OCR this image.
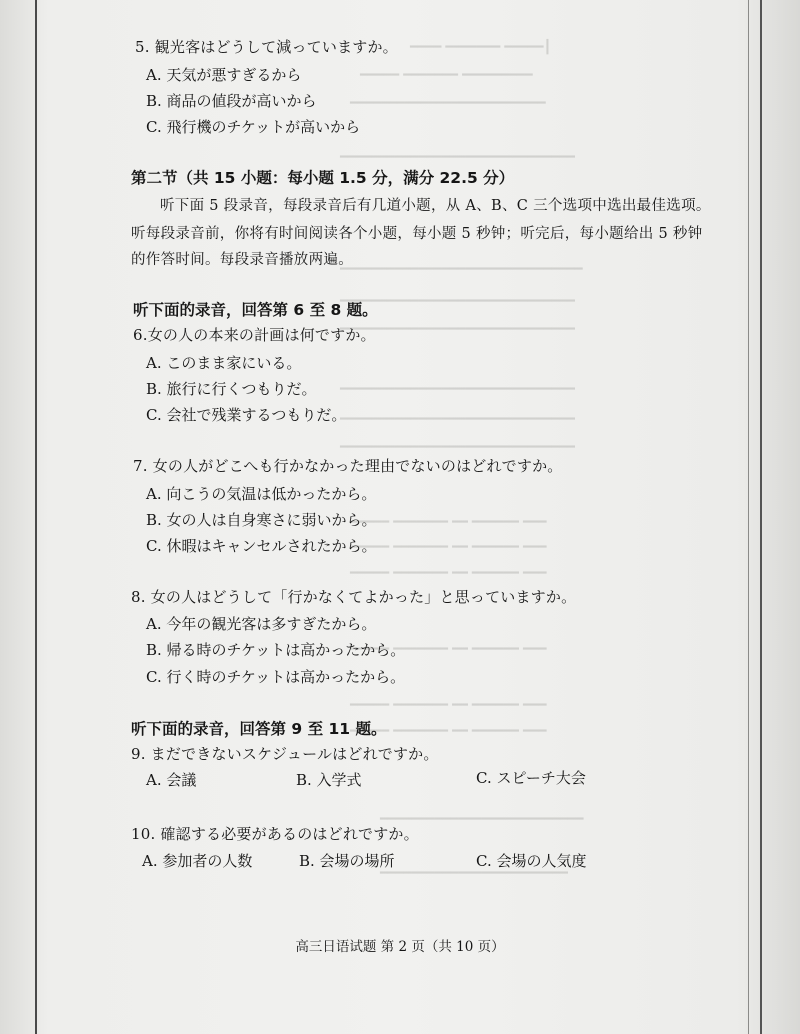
┃━━━━━ ━━━━━━━ ━━━━
━━━━━━━━━ ━━━━━━━ ━━━━━
━━━━━━━━━━━━━━━━━━━━━━━━━
━━━━━━━━━━━━━━━━━━━━━━━━━━━━━━
━━━━━━━━━━━━━━━━━━━━━━━━━━━━━━━
━━━━━━━━━━━━━━━━━━━━━━━━━━━━━━
━━━━━━━━━━━━━━━━━━━━━━━━━━━━━━
━━━━━━━━━━━━━━━━━━━━━━━━━━━━━━
━━━━━━━━━━━━━━━━━━━━━━━━━━━━━━
━━━━━━━━━━━━━━━━━━━━━━━━━━━━━━
━━━ ━━━━━━ ━━ ━━━━━━━ ━━━━━
━━━ ━━━━━━ ━━ ━━━━━━━ ━━━━━
━━━ ━━━━━━ ━━ ━━━━━━━ ━━━━━
━━━ ━━━━━━ ━━ ━━━━━━━ ━━━━━
━━━ ━━━━━━ ━━ ━━━━━━━ ━━━━━
━━━ ━━━━━━ ━━ ━━━━━━━ ━━━━━
━━━━━━━━━━━━━━━━━━━━━━━━━━
━━━━━━━━━━━━━━━━━━━━━━━━
5. 観光客はどうして減っていますか。
A. 天気が悪すぎるから
B. 商品の値段が高いから
C. 飛行機のチケットが高いから
第二节（共 15 小题：每小题 1.5 分，满分 22.5 分）
听下面 5 段录音，每段录音后有几道小题，从 A、B、C 三个选项中选出最佳选项。
听每段录音前，你将有时间阅读各个小题，每小题 5 秒钟；听完后，每小题给出 5 秒钟
的作答时间。每段录音播放两遍。
听下面的录音，回答第 6 至 8 题。
6.女の人の本来の計画は何ですか。
A. このまま家にいる。
B. 旅行に行くつもりだ。
C. 会社で残業するつもりだ。
7. 女の人がどこへも行かなかった理由でないのはどれですか。
A. 向こうの気温は低かったから。
B. 女の人は自身寒さに弱いから。
C. 休暇はキャンセルされたから。
8. 女の人はどうして「行かなくてよかった」と思っていますか。
A. 今年の観光客は多すぎたから。
B. 帰る時のチケットは高かったから。
C. 行く時のチケットは高かったから。
听下面的录音，回答第 9 至 11 题。
9. まだできないスケジュールはどれですか。
A. 会議	B. 入学式	C. スピーチ大会
10. 確認する必要があるのはどれですか。
A. 参加者の人数	B. 会場の場所	C. 会場の人気度
高三日语试题 第 2 页（共 10 页）
